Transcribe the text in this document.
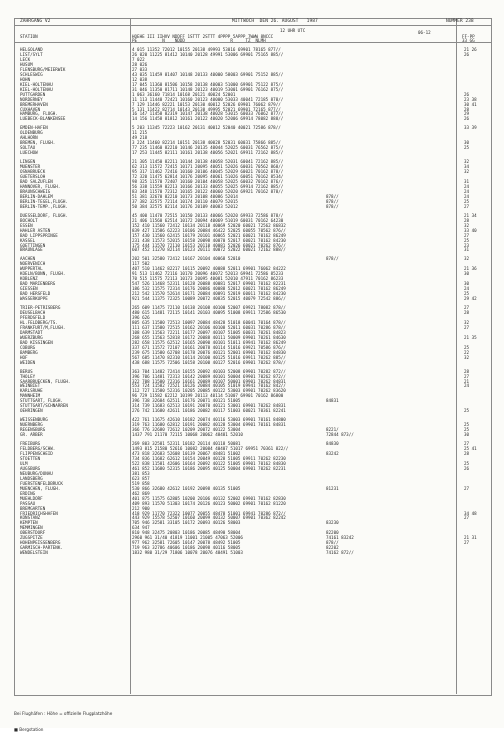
ZAHRGANG V2	MITTWOCH  DEN 26. AUGUST   1987	NUMMER 238
12 UHR UTC	06-12
STATION	HOEHE III IIHVV NDDFF 1STTT 2STTT 4PPPP 5APPP 7WWW 8NCCC
PE          N    NDDD                  R     TZ  NLMH
FF-PP
33 GG
HELGOLAND	4 015 11352 72012 10155 20138 49993 53016 69901 78165 877//	21 26
LIST/SYLT	26 020 11225 81412 10140 20128 49991 53006 69901 75165 885//	26
LECK	7 022
HUSUM	28 026
FLENSBURG/MEIERWIK	27 033
SCHLESWIG	43 035 11459 81407 10148 20133 40000 58003 69901 75152 885//
HOHN	12 038
KIEL-HOLTENAU	17 045 11360 81506 10158 20138 40003 51000 69901 75122 875//
KIEL-HOLTENAU	31 046 11350 81711 10148 20123 40019 53001 69901 76162 875//
PUTTGARDEN	1 063 36160 71814 10168 20121 40024 52001	26
NORDERNEY	11 113 11440 72421 10160 20123 40000 53033 40041 72185 878//	23 38
BREMERHAVEN	7 129 11446 82221 10153 20130 40012 52026 69901 76062 879//	30 41
CUXHAVEN	5 131 11422 82714 10143 20138 49995 52021 69901 72165 877//	28
HAMBURG, FLUGH.	16 147 11458 82319 10147 20138 40028 53015 60033 76062 877//	29
LUEBECK-BLANKENSEE	14 156 11458 81812 10161 20122 40020 52006 69914 78082 888//	26
EMDEN-HAFEN	5 203 11345 72223 10162 20131 40012 52040 40021 72586 878//	33 39
OLDENBURG	11 215
AHLHORN	49 218
BREMEN, FLUGH.	3 224 11460 82214 10151 20138 40028 52031 60031 75866 885//	30
SOLTAU	77 235 11460 82210 10146 20135 40044 52025 60031 76562 875//	25
LUECHOW	17 253 11445 82111 10161 20138 40056 52021 69911 72162 885//
LINGEN	21 305 11450 82211 10144 20138 40058 52031 60041 72162 885//	32
MUENSTER	62 313 11572 72415 10171 20095 40051 52026 60031 70562 868//	34
OSNABRUECK	95 317 11462 72416 10160 20106 40045 52029 60021 70162 878//	32
GUETERSLOH	72 320 11475 62814 10176 20095 40061 51026 60051 70162 8534/
BAD SALZUFLEN	98 325 11570 72407 10160 20104 40058 52025 60032 70162 876//	31
HANNOVER, FLUGH.	56 338 11559 82213 10166 20133 40055 52025 69914 72162 885//	24
BRAUNSCHWEIG	83 348 11570 72312 10165 20122 40060 52020 69921 70162 878//	24
BERLIN-DAHLEM	51 381 32670 82210 10173 20108 40086 52014	878//	24
BERLIN-TEGEL,FLUGH.	37 382 32575 72114 10174 20110 40079 52015	878//	25
BERLIN-TEMP.,FLUGH.	50 384 32575 82114 10176 20109 40083 52012	878//	27
DUESSELDORF, FLUGH.	45 400 11470 72515 10150 20133 40066 52020 69933 72586 878//	21 34
BOCHOLT	21 406 11560 62514 10172 20094 40069 51019 60031 70162 64230	28
ESSEN	152 410 11560 72412 10134 20118 40069 52020 60021 72562 86832	32
HAHLER ASTEN	839 427 11586 62223 10106 20084 46422 52025 60055 70562 876//	33 40
BAD LIPPSPRINGE	157 430 11560 62415 10179 20101 40065 52021 60021 70162 86249	27
KASSEL	231 438 11573 52015 10158 20098 40070 52017 60021 70162 84230	25
GOETTINGEN	175 444 11570 72110 10153 20110 40081 52026 60021 70262 876//	23
BRAUNLAGE	607 452 11270 82114 10123 20111 40072 52022 60021 72162 888//	31
AACHEN	202 501 32580 72412 10167 20104 40068 52010	878//	32
NOERVENICH	117 502
WUPPERTAL	407 510 11462 82217 10115 20092 40088 52011 69901 76062 84222	21 36
KOELN/BONN, FLUGH.	91 513 11462 72116 10170 20096 40072 52013 69941 72586 85233	30
KOBLENZ	70 515 11575 72113 10173 20095 40081 52010 47911 70162 86233
BAD MARIENBERG	547 526 11468 52311 10128 20088 40081 52017 69901 70162 82231	30
GIESSEN	186 532 11575 72314 10176 20086 40088 52012 60021 70162 86249	24
BAD HERSFELD	212 542 11570 52614 10171 20084 40091 52019 60011 70162 84230	25
WASSERKUPPE	921 544 11375 72325 10089 20072 40835 52015 40079 72542 886//	29 42
TRIER-PETRISBERG	265 609 11475 72110 10138 20108 40100 52007 69921 78082 878//	27
DEUSELBACH	480 615 11481 72115 10141 20103 40095 51008 69911 72586 86530	28
PFERDSFELD	396 626
HL.FELDBERG/TS.	805 635 11580 72513 10097 20084 48428 51018 60041 70164 878//	32
FRANKFURT/M,FLUGH.	111 637 11580 72515 10162 20106 40108 52011 60031 70286 878//	27
DARMSTADT	108 639 11563 72211 10177 20097 40107 51005 60031 70261 84823
WUERZBURG	268 655 11563 52818 10172 20088 40111 50009 69901 70261 84630	21 35
BAD KISSINGEN	282 658 11575 62512 10165 20090 40101 51011 69941 70162 86249
COBURG	337 671 11572 72107 10161 20078 40114 51016 69921 70586 876//	25
BAMBERG	239 675 11580 62708 10178 20076 40121 52001 69901 70162 84830	22
HOF	567 685 11470 82310 10114 20100 40125 51016 69911 70262 885//	32
WEIDEN	438 688 11575 72506 10158 20100 40127 52016 69901 70262 878//
BERUS	363 704 11482 72414 10155 20092 40103 52008 69901 70282 872//	28
THOLEY	396 706 11481 72313 10142 20089 40101 50004 69901 70262 872//	27
SAARBRUECKEN, FLUGH.	322 708 11580 72316 10161 20089 40107 50001 69901 70262 84831	21
WEINBIET	553 724 11582 72521 10126 20084 40105 51019 69941 70162 842//	24
KARLSRUHE	112 727 11580 52316 10205 20085 40122 53003 69901 70262 83620
MANNHEIM	96 729 11582 62212 10199 20113 40114 51007 69901 70162 86800
STUTTGART, FLUGH.	396 738 32684 62511 10176 20071 40121 51005	84831
STUTTGART/SCHNARREN	314 739 11683 62513 10191 20070 40121 53001 69901 70262 84831
OEHRINGEN	276 742 11680 42611 10186 20082 40117 51003 60021 70361 82241	25
WEISSENBURG	422 761 11675 42610 10182 20074 40116 53003 69901 70161 84800
NUERNBERG	319 763 11680 62812 10191 20082 40128 53004 69901 70161 84831	25
REGENSBURG	366 776 32680 72612 10209 20072 40122 53004	8221/	25
GR. ARBER	1437 791 21170 72115 10068 20062 48481 52010	72844 873//	30
FREIBURG	269 803 32581 52311 10182 20114 40118 50081	84830	27
FELDBERG/SCHW.	1493 815 21580 52616 10082 20084 40407 51017 69951 70361 822//	25 41
FLIPPENSCHEID	473 818 32683 52608 10139 20067 48481 51002	83242	28
STOETTEN	734 836 11682 62612 10154 20049 40128 51005 69911 70262 82230
ULM	522 838 11581 42606 10164 20092 40122 51005 69901 70162 84830	25
AUGSBURG	461 852 11680 52315 10186 20095 40125 50004 69901 70262 82231	26
NEUBURG/DONAU	381 853
LANDSBERG	623 857
FUERSTENFELDBRUCK	519 858
MUENCHEN, FLUGH.	530 866 32680 42612 10192 20098 40135 51005	81231	27
ERDING	462 869
MUEHLDORF	401 875 11575 62805 10200 20106 40132 52002 69901 70162 82830
PASSAU	409 893 11570 51303 10174 20126 40123 50002 69901 70162 81220
BREMGARTEN	212 900
FRIEDRICHSHAFEN	418 929 11770 72322 10077 20055 48478 51001 69941 70286 872//	34 48
KONSTANZ	443 929 15578 52507 10160 20099 40132 50007 69901 70362 82242	27
KEMPTEN	705 946 32581 33105 10172 20093 40126 58003	83230
MEMMINGEN	634 947
OBERSTDORF	810 948 32475 20803 10186 20085 48490 58004	82200
ZUGSPITZE	2960 961 31/40 41819 11001 21005 47063 52006	74161 83242	21 31
HOHENPEISSENBERG	977 962 32581 72605 10147 20078 48492 51005	878//	27
GARMISCH-PARTENK.	719 963 32786 40606 10186 20098 40116 58005	82202
WENDELSTEIN	1832 980 31/29 71806 10078 20076 48491 51003	74162 872//

Bei Flughäfen : Höhe = offizielle Flugplatzhöhe

■ Bergstation
